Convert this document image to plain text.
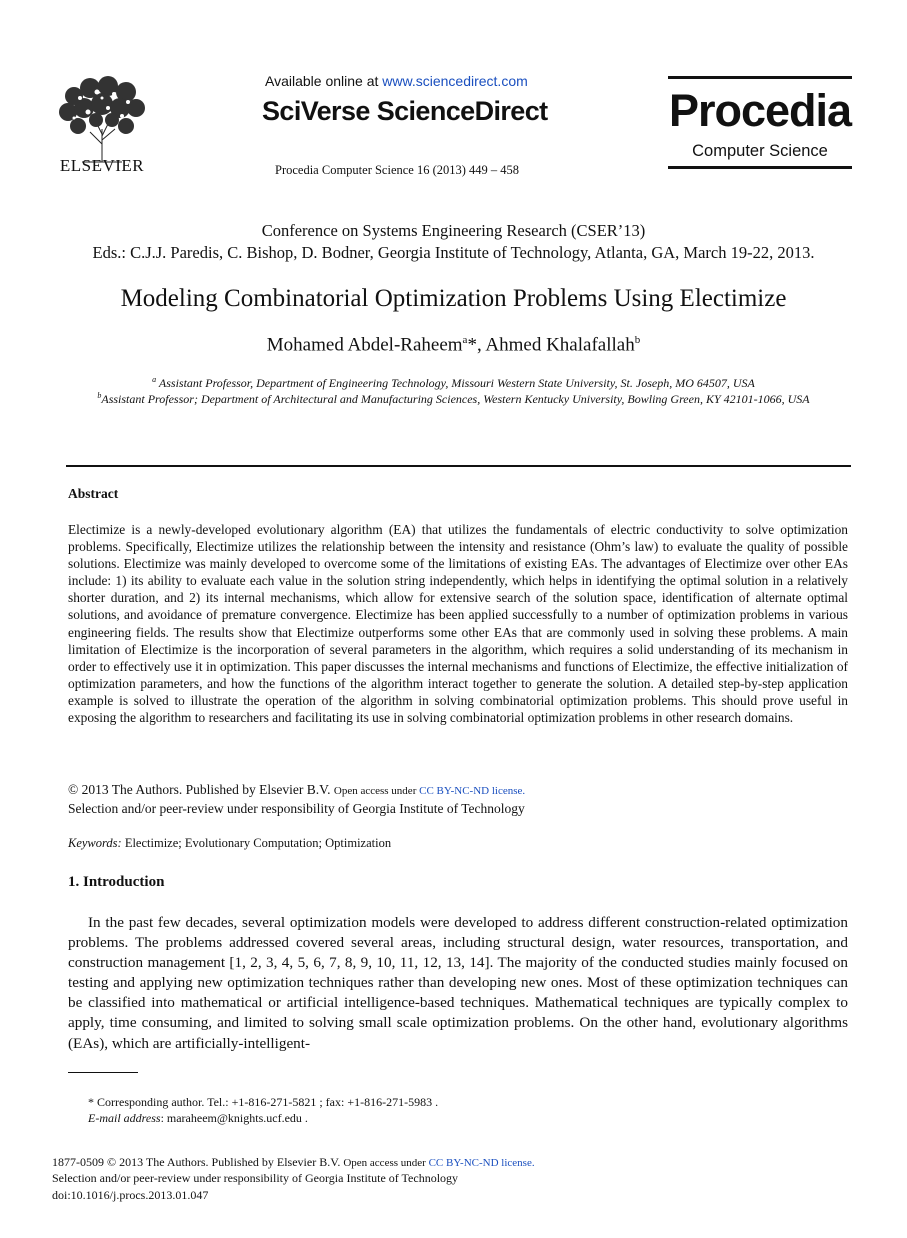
ELSEVIER
Available online at www.sciencedirect.com
SciVerse ScienceDirect
Procedia Computer Science 16 (2013) 449 – 458
Procedia
Computer Science
Conference on Systems Engineering Research (CSER’13)
Eds.: C.J.J. Paredis, C. Bishop, D. Bodner, Georgia Institute of Technology, Atlanta, GA, March 19-22, 2013.
Modeling Combinatorial Optimization Problems Using Electimize
Mohamed Abdel-Raheem$^a$*, Ahmed Khalafallah$^b$
$^a$ Assistant Professor, Department of Engineering Technology, Missouri Western State University, St. Joseph, MO 64507, USA
$^b$Assistant Professor; Department of Architectural and Manufacturing Sciences, Western Kentucky University, Bowling Green, KY 42101-1066, USA
Abstract
Electimize is a newly-developed evolutionary algorithm (EA) that utilizes the fundamentals of electric conductivity to solve optimization problems. Specifically, Electimize utilizes the relationship between the intensity and resistance (Ohm’s law) to evaluate the quality of possible solutions. Electimize was mainly developed to overcome some of the limitations of existing EAs. The advantages of Electimize over other EAs include: 1) its ability to evaluate each value in the solution string independently, which helps in identifying the optimal solution in a relatively shorter duration, and 2) its internal mechanisms, which allow for extensive search of the solution space, identification of alternate optimal solutions, and avoidance of premature convergence. Electimize has been applied successfully to a number of optimization problems in various engineering fields. The results show that Electimize outperforms some other EAs that are commonly used in solving these problems. A main limitation of Electimize is the incorporation of several parameters in the algorithm, which requires a solid understanding of its mechanism in order to effectively use it in optimization. This paper discusses the internal mechanisms and functions of Electimize, the effective initialization of optimization parameters, and how the functions of the algorithm interact together to generate the solution. A detailed step-by-step application example is solved to illustrate the operation of the algorithm in solving combinatorial optimization problems. This should prove useful in exposing the algorithm to researchers and facilitating its use in solving combinatorial optimization problems in other research domains.
© 2013 The Authors. Published by Elsevier B.V. Open access under CC BY-NC-ND license.
Selection and/or peer-review under responsibility of Georgia Institute of Technology
Keywords: Electimize; Evolutionary Computation; Optimization
1. Introduction
In the past few decades, several optimization models were developed to address different construction-related optimization problems. The problems addressed covered several areas, including structural design, water resources, transportation, and construction management [1, 2, 3, 4, 5, 6, 7, 8, 9, 10, 11, 12, 13, 14]. The majority of the conducted studies mainly focused on testing and applying new optimization techniques rather than developing new ones. Most of these optimization techniques can be classified into mathematical or artificial intelligence-based techniques. Mathematical techniques are typically complex to apply, time consuming, and limited to solving small scale optimization problems. On the other hand, evolutionary algorithms (EAs), which are artificially-intelligent-
* Corresponding author. Tel.: +1-816-271-5821 ; fax: +1-816-271-5983 .
E-mail address: maraheem@knights.ucf.edu .
1877-0509 © 2013 The Authors. Published by Elsevier B.V. Open access under CC BY-NC-ND license.
Selection and/or peer-review under responsibility of Georgia Institute of Technology
doi:10.1016/j.procs.2013.01.047
